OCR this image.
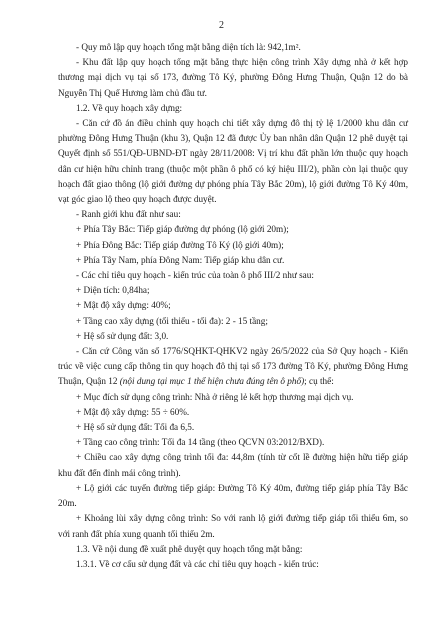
2

- Quy mô lập quy hoạch tổng mặt bằng diện tích là: 942,1m².

- Khu đất lập quy hoạch tổng mặt bằng thực hiện công trình Xây dựng nhà ở kết hợp thương mại dịch vụ tại số 173, đường Tô Ký, phường Đông Hưng Thuận, Quận 12 do bà Nguyễn Thị Quế Hương làm chủ đầu tư.

1.2. Về quy hoạch xây dựng:

- Căn cứ đồ án điều chỉnh quy hoạch chi tiết xây dựng đô thị tỷ lệ 1/2000 khu dân cư phường Đông Hưng Thuận (khu 3), Quận 12 đã được Ủy ban nhân dân Quận 12 phê duyệt tại Quyết định số 551/QĐ-UBND-ĐT ngày 28/11/2008: Vị trí khu đất phần lớn thuộc quy hoạch dân cư hiện hữu chỉnh trang (thuộc một phần ô phố có ký hiệu III/2), phần còn lại thuộc quy hoạch đất giao thông (lộ giới đường dự phóng phía Tây Bắc 20m), lộ giới đường Tô Ký 40m, vạt góc giao lộ theo quy hoạch được duyệt.

- Ranh giới khu đất như sau:

+ Phía Tây Bắc: Tiếp giáp đường dự phóng (lộ giới 20m);

+ Phía Đông Bắc: Tiếp giáp đường Tô Ký (lộ giới 40m);

+ Phía Tây Nam, phía Đông Nam: Tiếp giáp khu dân cư.

- Các chỉ tiêu quy hoạch - kiến trúc của toàn ô phố III/2 như sau:

+ Diện tích: 0,84ha;

+ Mật độ xây dựng: 40%;

+ Tầng cao xây dựng (tối thiểu - tối đa): 2 - 15 tầng;

+ Hệ số sử dụng đất: 3,0.

- Căn cứ Công văn số 1776/SQHKT-QHKV2 ngày 26/5/2022 của Sở Quy hoạch - Kiến trúc về việc cung cấp thông tin quy hoạch đô thị tại số 173 đường Tô Ký, phường Đông Hưng Thuận, Quận 12 (nội dung tại mục 1 thể hiện chưa đúng tên ô phố); cụ thể:

+ Mục đích sử dụng công trình: Nhà ở riêng lẻ kết hợp thương mại dịch vụ.

+ Mật độ xây dựng: 55 ÷ 60%.

+ Hệ số sử dụng đất: Tối đa 6,5.

+ Tầng cao công trình: Tối đa 14 tầng (theo QCVN 03:2012/BXD).

+ Chiều cao xây dựng công trình tối đa: 44,8m (tính từ cốt lề đường hiện hữu tiếp giáp khu đất đến đỉnh mái công trình).

+ Lộ giới các tuyến đường tiếp giáp: Đường Tô Ký 40m, đường tiếp giáp phía Tây Bắc 20m.

+ Khoảng lùi xây dựng công trình: So với ranh lộ giới đường tiếp giáp tối thiểu 6m, so với ranh đất phía xung quanh tối thiểu 2m.

1.3. Về nội dung đề xuất phê duyệt quy hoạch tổng mặt bằng:

1.3.1. Về cơ cấu sử dụng đất và các chỉ tiêu quy hoạch - kiến trúc:
